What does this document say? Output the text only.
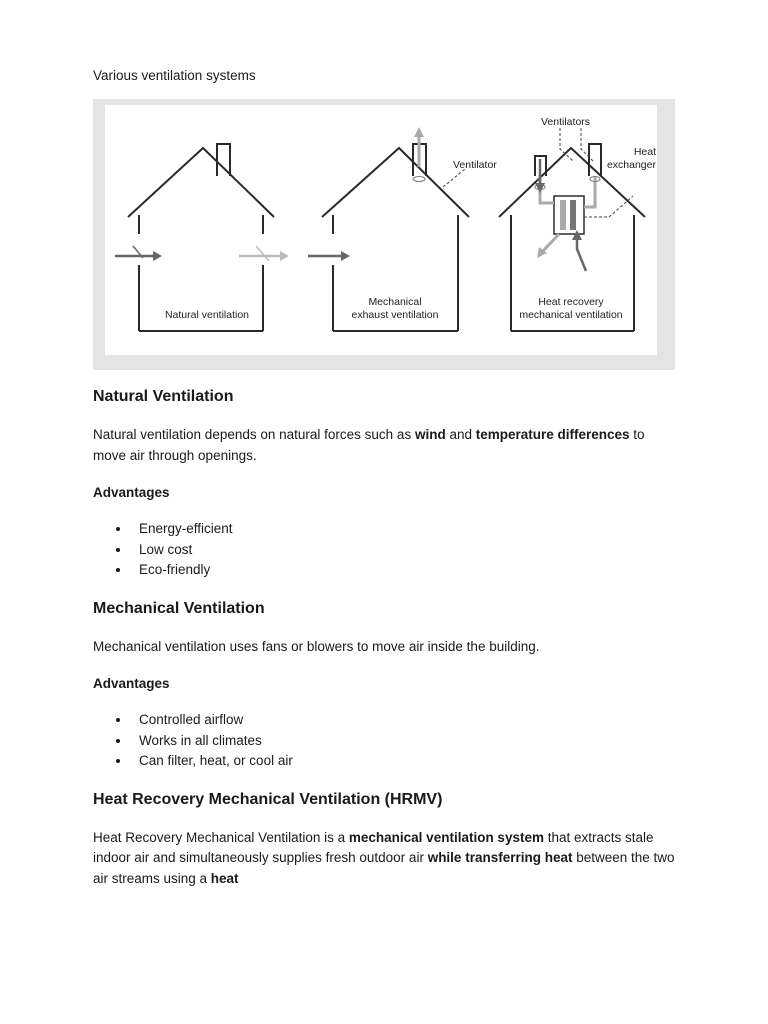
Various ventilation systems

Natural ventilation
Ventilator
Mechanical
exhaust ventilation
Ventilators
Heat
exchanger
Heat recovery
mechanical ventilation
Natural Ventilation

Natural ventilation depends on natural forces such as wind and temperature differences to move air through openings.

Advantages

Energy-efficient
Low cost
Eco-friendly
Mechanical Ventilation

Mechanical ventilation uses fans or blowers to move air inside the building.

Advantages

Controlled airflow
Works in all climates
Can filter, heat, or cool air
Heat Recovery Mechanical Ventilation (HRMV)

Heat Recovery Mechanical Ventilation is a mechanical ventilation system that extracts stale indoor air and simultaneously supplies fresh outdoor air while transferring heat between the two air streams using a heat
